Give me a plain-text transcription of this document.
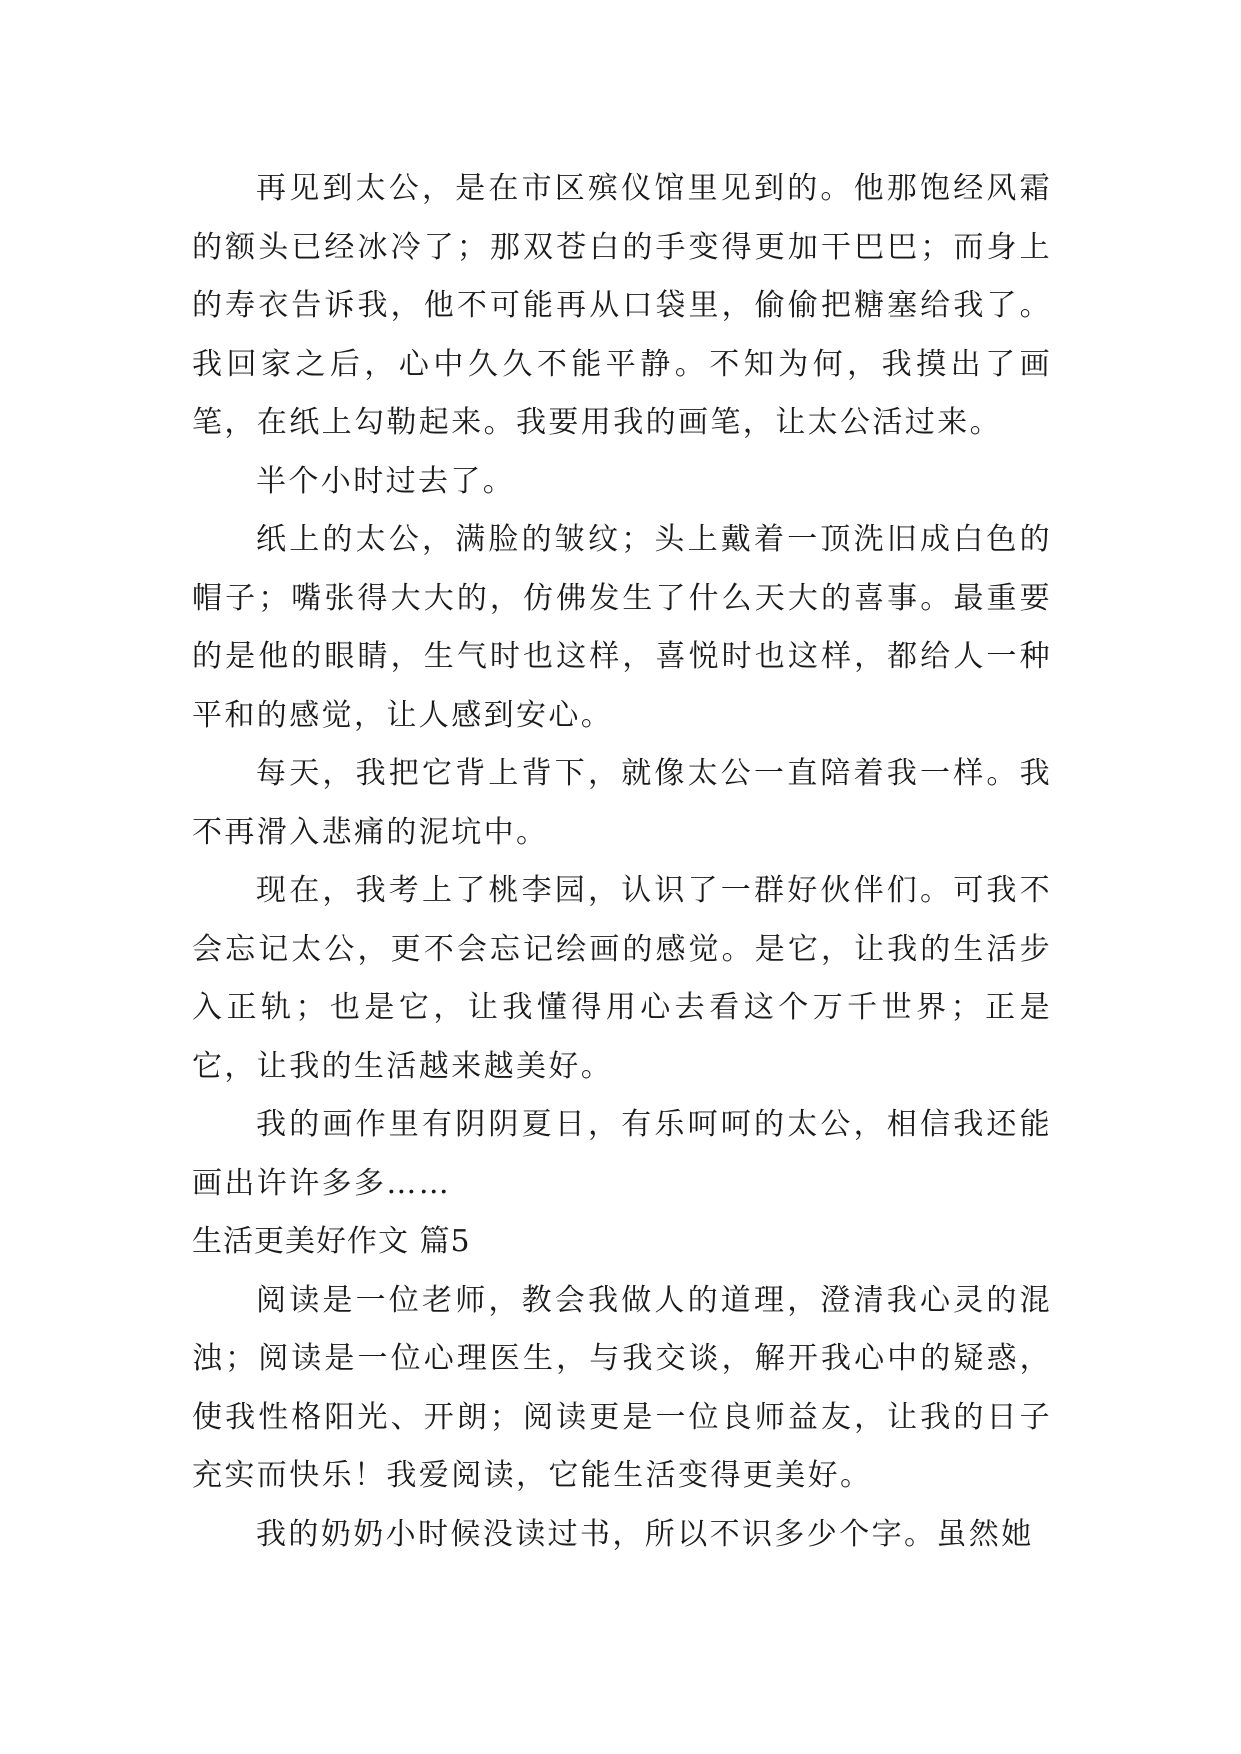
再见到太公，是在市区殡仪馆里见到的。他那饱经风霜的额头已经冰冷了；那双苍白的手变得更加干巴巴；而身上的寿衣告诉我，他不可能再从口袋里，偷偷把糖塞给我了。我回家之后，心中久久不能平静。不知为何，我摸出了画笔，在纸上勾勒起来。我要用我的画笔，让太公活过来。

半个小时过去了。

纸上的太公，满脸的皱纹；头上戴着一顶洗旧成白色的帽子；嘴张得大大的，仿佛发生了什么天大的喜事。最重要的是他的眼睛，生气时也这样，喜悦时也这样，都给人一种平和的感觉，让人感到安心。

每天，我把它背上背下，就像太公一直陪着我一样。我不再滑入悲痛的泥坑中。

现在，我考上了桃李园，认识了一群好伙伴们。可我不会忘记太公，更不会忘记绘画的感觉。是它，让我的生活步入正轨；也是它，让我懂得用心去看这个万千世界；正是它，让我的生活越来越美好。

我的画作里有阴阴夏日，有乐呵呵的太公，相信我还能画出许许多多……

生活更美好作文 篇5

阅读是一位老师，教会我做人的道理，澄清我心灵的混浊；阅读是一位心理医生，与我交谈，解开我心中的疑惑，使我性格阳光、开朗；阅读更是一位良师益友，让我的日子充实而快乐！我爱阅读，它能生活变得更美好。

我的奶奶小时候没读过书，所以不识多少个字。虽然她
